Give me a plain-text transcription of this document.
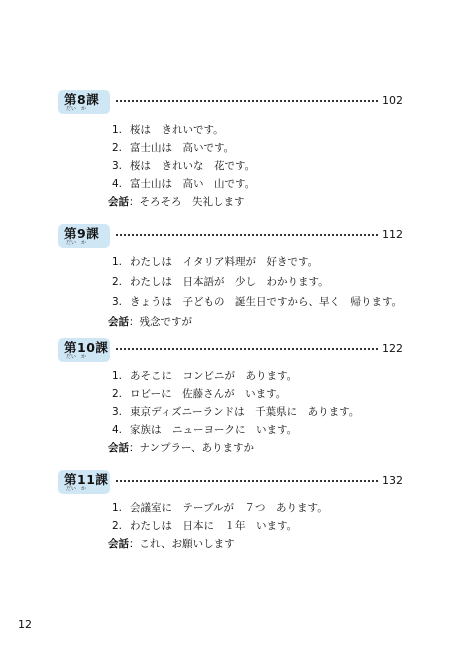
第8課
だい　か
102
1. 桜は　きれいです。
2. 富士山は　高いです。
3. 桜は　きれいな　花です。
4. 富士山は　高い　山です。
会話：そろそろ　失礼します
第9課
だい　か
112
1. わたしは　イタリア料理が　好きです。
2. わたしは　日本語が　少し　わかります。
3. きょうは　子どもの　誕生日ですから、早く　帰ります。
会話：残念ですが
第10課
だい　か
122
1. あそこに　コンビニが　あります。
2. ロビーに　佐藤さんが　います。
3. 東京ディズニーランドは　千葉県に　あります。
4. 家族は　ニューヨークに　います。
会話：ナンプラー、ありますか
第11課
だい　か
132
1. 会議室に　テーブルが　７つ　あります。
2. わたしは　日本に　１年　います。
会話：これ、お願いします
12
